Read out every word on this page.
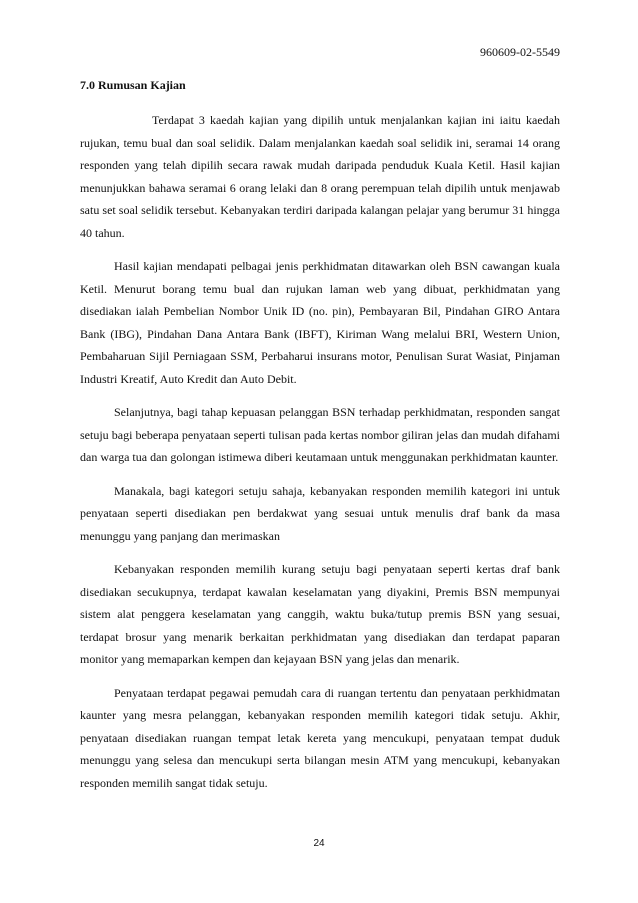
960609-02-5549
7.0 Rumusan Kajian

Terdapat 3 kaedah kajian yang dipilih untuk menjalankan kajian ini iaitu kaedah rujukan, temu bual dan soal selidik. Dalam menjalankan kaedah soal selidik ini, seramai 14 orang responden yang telah dipilih secara rawak mudah daripada penduduk Kuala Ketil. Hasil kajian menunjukkan bahawa seramai 6 orang lelaki dan 8 orang perempuan telah dipilih untuk menjawab satu set soal selidik tersebut. Kebanyakan terdiri daripada kalangan pelajar yang berumur 31 hingga 40 tahun.

Hasil kajian mendapati pelbagai jenis perkhidmatan ditawarkan oleh BSN cawangan kuala Ketil. Menurut borang temu bual dan rujukan laman web yang dibuat, perkhidmatan yang disediakan ialah Pembelian Nombor Unik ID (no. pin), Pembayaran Bil, Pindahan GIRO Antara Bank (IBG), Pindahan Dana Antara Bank (IBFT), Kiriman Wang melalui BRI, Western Union, Pembaharuan Sijil Perniagaan SSM, Perbaharui insurans motor, Penulisan Surat Wasiat, Pinjaman Industri Kreatif, Auto Kredit dan Auto Debit.

Selanjutnya, bagi tahap kepuasan pelanggan BSN terhadap perkhidmatan, responden sangat setuju bagi beberapa penyataan seperti tulisan pada kertas nombor giliran jelas dan mudah difahami dan warga tua dan golongan istimewa diberi keutamaan untuk menggunakan perkhidmatan kaunter.

Manakala, bagi kategori setuju sahaja, kebanyakan responden memilih kategori ini untuk penyataan seperti disediakan pen berdakwat yang sesuai untuk menulis draf bank da masa menunggu yang panjang dan merimaskan

Kebanyakan responden memilih kurang setuju bagi penyataan seperti kertas draf bank disediakan secukupnya, terdapat kawalan keselamatan yang diyakini, Premis BSN mempunyai sistem alat penggera keselamatan yang canggih, waktu buka/tutup premis BSN yang sesuai, terdapat brosur yang menarik berkaitan perkhidmatan yang disediakan dan terdapat paparan monitor yang memaparkan kempen dan kejayaan BSN yang jelas dan menarik.

Penyataan terdapat pegawai pemudah cara di ruangan tertentu dan penyataan perkhidmatan kaunter yang mesra pelanggan, kebanyakan responden memilih kategori tidak setuju. Akhir, penyataan disediakan ruangan tempat letak kereta yang mencukupi, penyataan tempat duduk menunggu yang selesa dan mencukupi serta bilangan mesin ATM yang mencukupi, kebanyakan responden memilih sangat tidak setuju.

24
